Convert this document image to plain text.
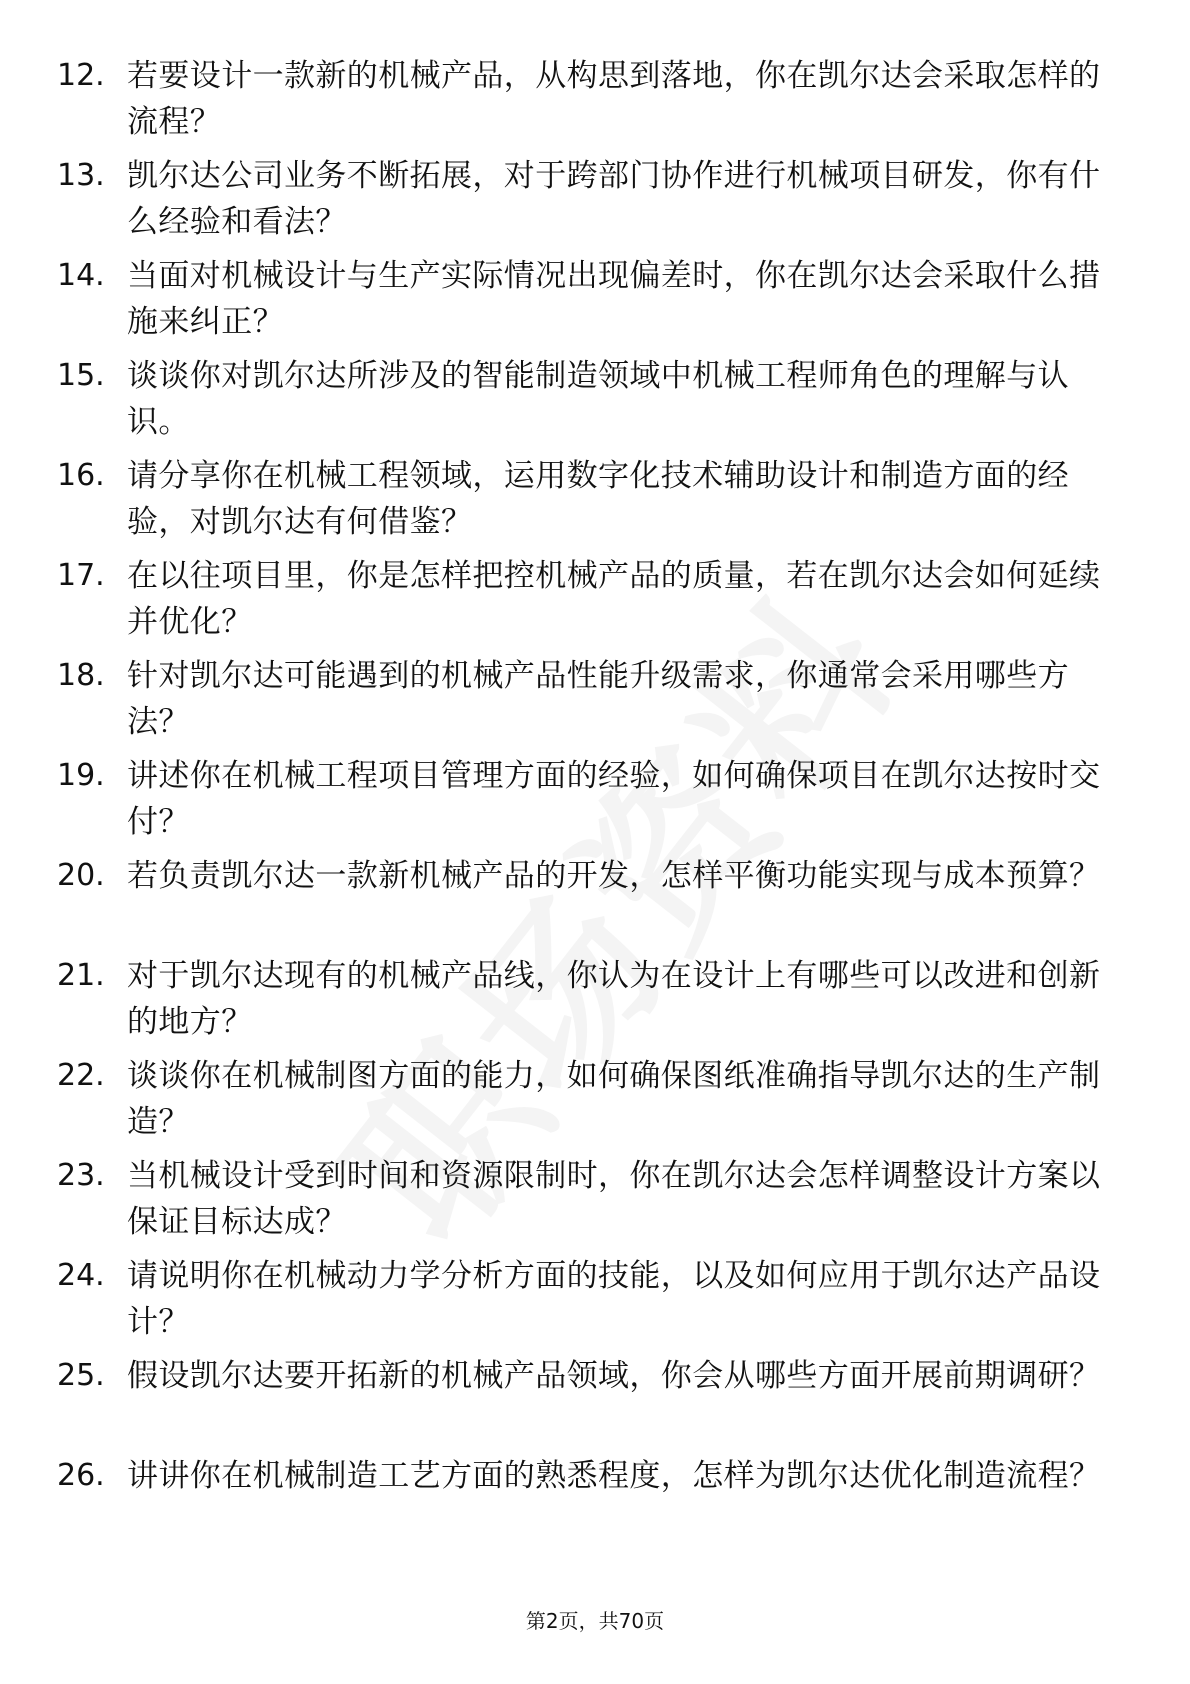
12. 若要设计一款新的机械产品，从构思到落地，你在凯尔达会采取怎样的流程？
13. 凯尔达公司业务不断拓展，对于跨部门协作进行机械项目研发，你有什么经验和看法？
14. 当面对机械设计与生产实际情况出现偏差时，你在凯尔达会采取什么措施来纠正？
15. 谈谈你对凯尔达所涉及的智能制造领域中机械工程师角色的理解与认识。
16. 请分享你在机械工程领域，运用数字化技术辅助设计和制造方面的经验，对凯尔达有何借鉴？
17. 在以往项目里，你是怎样把控机械产品的质量，若在凯尔达会如何延续并优化？
18. 针对凯尔达可能遇到的机械产品性能升级需求，你通常会采用哪些方法？
19. 讲述你在机械工程项目管理方面的经验，如何确保项目在凯尔达按时交付？
20. 若负责凯尔达一款新机械产品的开发，怎样平衡功能实现与成本预算？
21. 对于凯尔达现有的机械产品线，你认为在设计上有哪些可以改进和创新的地方？
22. 谈谈你在机械制图方面的能力，如何确保图纸准确指导凯尔达的生产制造？
23. 当机械设计受到时间和资源限制时，你在凯尔达会怎样调整设计方案以保证目标达成？
24. 请说明你在机械动力学分析方面的技能，以及如何应用于凯尔达产品设计？
25. 假设凯尔达要开拓新的机械产品领域，你会从哪些方面开展前期调研？
26. 讲讲你在机械制造工艺方面的熟悉程度，怎样为凯尔达优化制造流程？
第2页，共70页
